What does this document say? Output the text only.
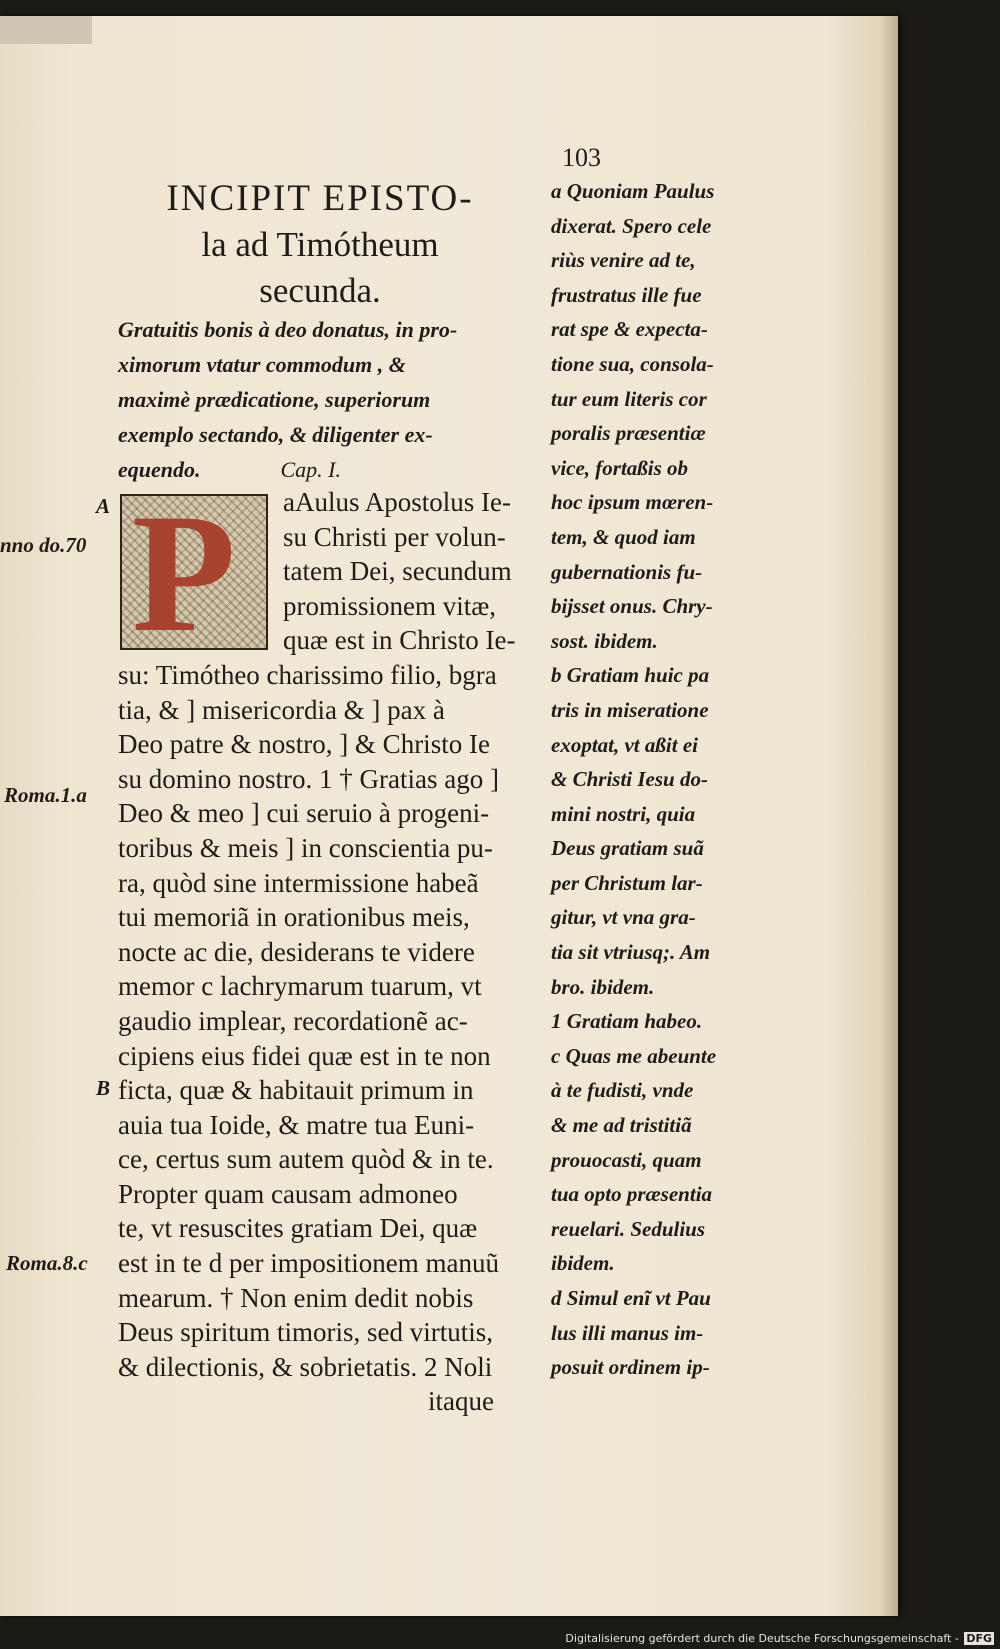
103
INCIPIT EPISTO-
la ad Timótheum
secunda.
Gratuitis bonis à deo donatus, in pro-
ximorum vtatur commodum , &
maximè prædicatione, superiorum
exemplo sectando, & diligenter ex-
equendo.	Cap. I.
P
A
nno do.70
Roma.1.a
B
Roma.8.c
aAulus Apostolus Ie-
su Christi per volun-
tatem Dei, secundum
promissionem vitæ,
quæ est in Christo Ie-
su: Timótheo charissimo filio, bgra
tia, & ] misericordia & ] pax à
Deo patre & nostro, ] & Christo Ie
su domino nostro. 1 † Gratias ago ]
Deo & meo ] cui seruio à progeni-
toribus & meis ] in conscientia pu-
ra, quòd sine intermissione habeã
tui memoriã in orationibus meis,
nocte ac die, desiderans te videre
memor c lachrymarum tuarum, vt
gaudio implear, recordationẽ ac-
cipiens eius fidei quæ est in te non
ficta, quæ & habitauit primum in
auia tua Ioide, & matre tua Euni-
ce, certus sum autem quòd & in te.
Propter quam causam admoneo
te, vt resuscites gratiam Dei, quæ
est in te d per impositionem manuũ
mearum. † Non enim dedit nobis
Deus spiritum timoris, sed virtutis,
& dilectionis, & sobrietatis. 2 Noli
itaque
a Quoniam Paulus
dixerat. Spero cele
riùs venire ad te,
frustratus ille fue
rat spe & expecta-
tione sua, consola-
tur eum literis cor
poralis præsentiæ
vice, fortaßis ob
hoc ipsum mœren-
tem, & quod iam
gubernationis fu-
bijsset onus. Chry-
sost. ibidem.
b Gratiam huic pa
tris in miseratione
exoptat, vt aßit ei
& Christi Iesu do-
mini nostri, quia
Deus gratiam suã
per Christum lar-
gitur, vt vna gra-
tia sit vtriusq;. Am
bro. ibidem.
1 Gratiam habeo.
c Quas me abeunte
à te fudisti, vnde
& me ad tristitiã
prouocasti, quam
tua opto præsentia
reuelari. Sedulius
ibidem.
d Simul enĩ vt Pau
lus illi manus im-
posuit ordinem ip-
Digitalisierung gefördert durch die Deutsche Forschungsgemeinschaft - DFG
